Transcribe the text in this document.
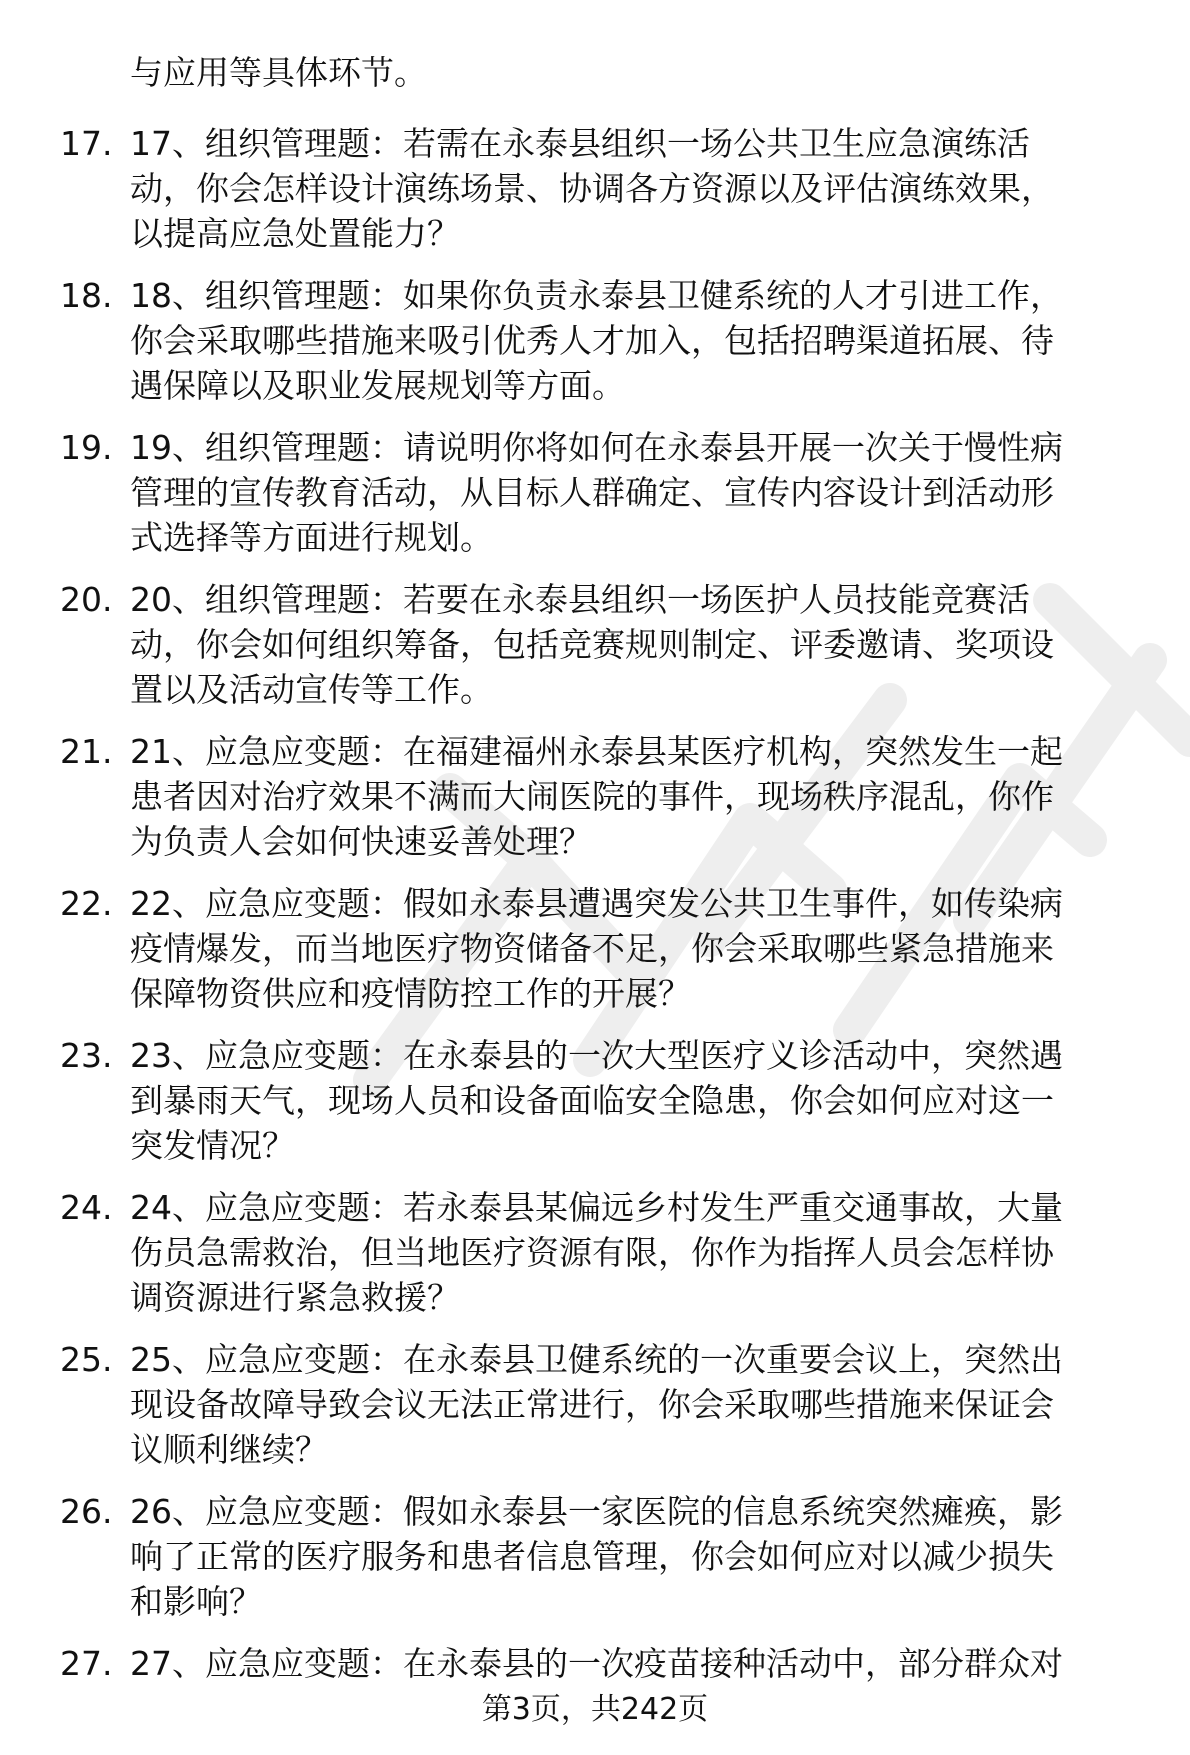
与应用等具体环节。
17. 17、组织管理题：若需在永泰县组织一场公共卫生应急演练活
动，你会怎样设计演练场景、协调各方资源以及评估演练效果，
以提高应急处置能力？
18. 18、组织管理题：如果你负责永泰县卫健系统的人才引进工作，
你会采取哪些措施来吸引优秀人才加入，包括招聘渠道拓展、待
遇保障以及职业发展规划等方面。
19. 19、组织管理题：请说明你将如何在永泰县开展一次关于慢性病
管理的宣传教育活动，从目标人群确定、宣传内容设计到活动形
式选择等方面进行规划。
20. 20、组织管理题：若要在永泰县组织一场医护人员技能竞赛活
动，你会如何组织筹备，包括竞赛规则制定、评委邀请、奖项设
置以及活动宣传等工作。
21. 21、应急应变题：在福建福州永泰县某医疗机构，突然发生一起
患者因对治疗效果不满而大闹医院的事件，现场秩序混乱，你作
为负责人会如何快速妥善处理？
22. 22、应急应变题：假如永泰县遭遇突发公共卫生事件，如传染病
疫情爆发，而当地医疗物资储备不足，你会采取哪些紧急措施来
保障物资供应和疫情防控工作的开展？
23. 23、应急应变题：在永泰县的一次大型医疗义诊活动中，突然遇
到暴雨天气，现场人员和设备面临安全隐患，你会如何应对这一
突发情况？
24. 24、应急应变题：若永泰县某偏远乡村发生严重交通事故，大量
伤员急需救治，但当地医疗资源有限，你作为指挥人员会怎样协
调资源进行紧急救援？
25. 25、应急应变题：在永泰县卫健系统的一次重要会议上，突然出
现设备故障导致会议无法正常进行，你会采取哪些措施来保证会
议顺利继续？
26. 26、应急应变题：假如永泰县一家医院的信息系统突然瘫痪，影
响了正常的医疗服务和患者信息管理，你会如何应对以减少损失
和影响？
27. 27、应急应变题：在永泰县的一次疫苗接种活动中，部分群众对
第3页，共242页
